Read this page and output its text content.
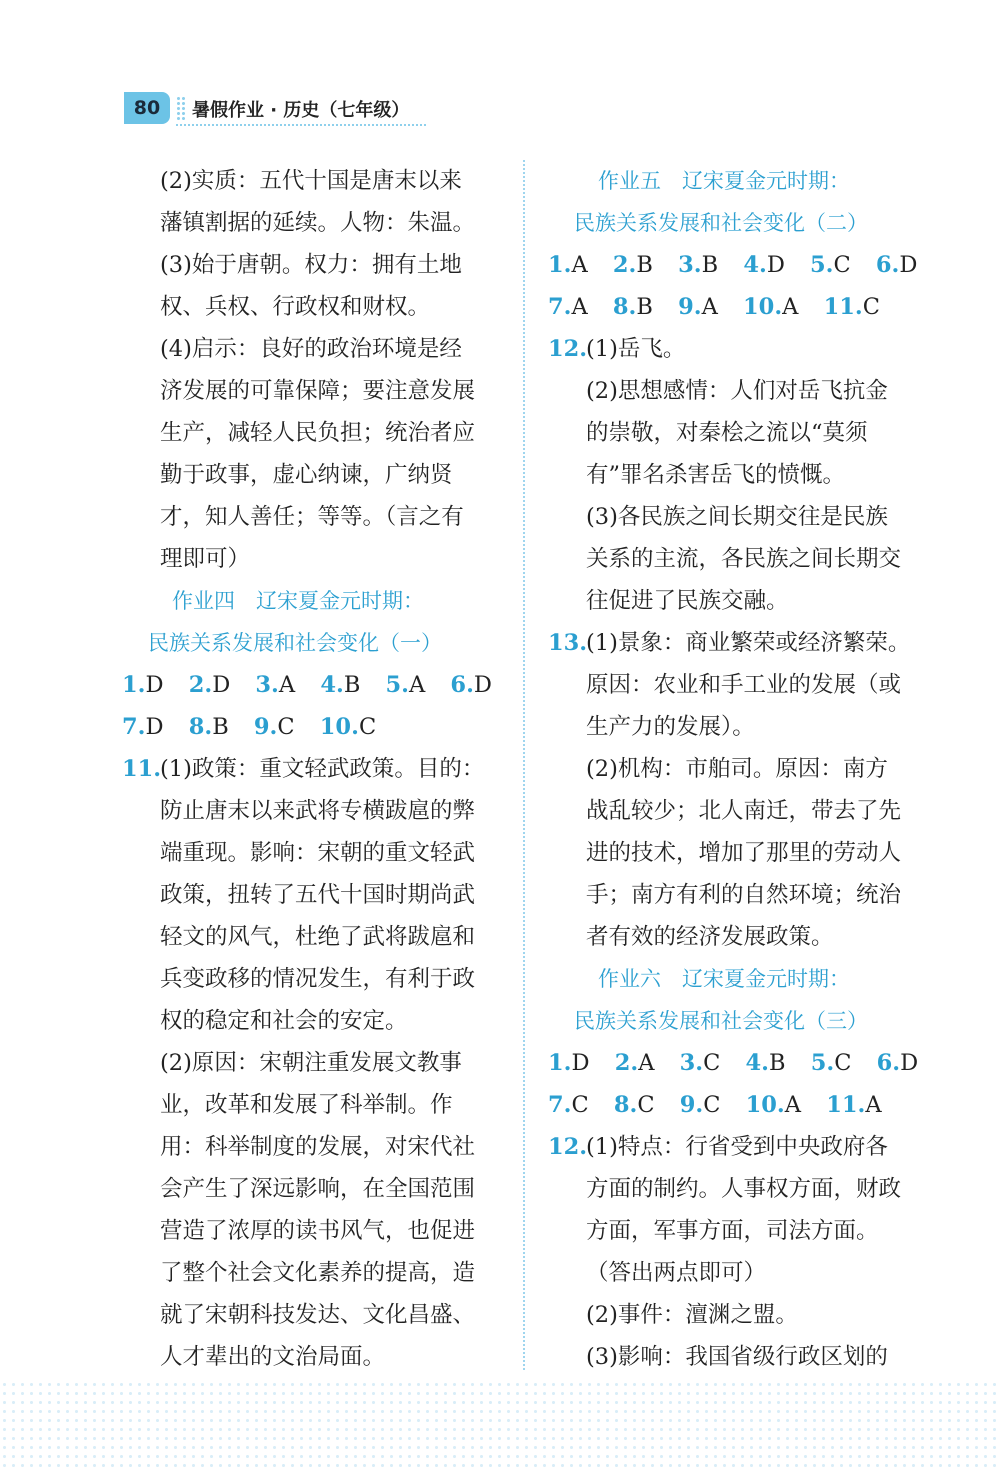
80	暑假作业 · 历史（七年级）
(2)实质：五代十国是唐末以来
藩镇割据的延续。人物：朱温。
(3)始于唐朝。权力：拥有土地
权、兵权、行政权和财权。
(4)启示：良好的政治环境是经
济发展的可靠保障；要注意发展
生产，减轻人民负担；统治者应
勤于政事，虚心纳谏，广纳贤
才，知人善任；等等。（言之有
理即可）
作业四　辽宋夏金元时期：
民族关系发展和社会变化（一）
1.D 2.D 3.A 4.B 5.A 6.D
7.D 8.B 9.C 10.C
11.(1)政策：重文轻武政策。目的：
防止唐末以来武将专横跋扈的弊
端重现。影响：宋朝的重文轻武
政策，扭转了五代十国时期尚武
轻文的风气，杜绝了武将跋扈和
兵变政移的情况发生，有利于政
权的稳定和社会的安定。
(2)原因：宋朝注重发展文教事
业，改革和发展了科举制。作
用：科举制度的发展，对宋代社
会产生了深远影响，在全国范围
营造了浓厚的读书风气，也促进
了整个社会文化素养的提高，造
就了宋朝科技发达、文化昌盛、
人才辈出的文治局面。
作业五　辽宋夏金元时期：
民族关系发展和社会变化（二）
1.A 2.B 3.B 4.D 5.C 6.D
7.A 8.B 9.A 10.A 11.C
12.(1)岳飞。
(2)思想感情：人们对岳飞抗金
的崇敬，对秦桧之流以“莫须
有”罪名杀害岳飞的愤慨。
(3)各民族之间长期交往是民族
关系的主流，各民族之间长期交
往促进了民族交融。
13.(1)景象：商业繁荣或经济繁荣。
原因：农业和手工业的发展（或
生产力的发展）。
(2)机构：市舶司。原因：南方
战乱较少；北人南迁，带去了先
进的技术，增加了那里的劳动人
手；南方有利的自然环境；统治
者有效的经济发展政策。
作业六　辽宋夏金元时期：
民族关系发展和社会变化（三）
1.D 2.A 3.C 4.B 5.C 6.D
7.C 8.C 9.C 10.A 11.A
12.(1)特点：行省受到中央政府各
方面的制约。人事权方面，财政
方面，军事方面，司法方面。
（答出两点即可）
(2)事件：澶渊之盟。
(3)影响：我国省级行政区划的
